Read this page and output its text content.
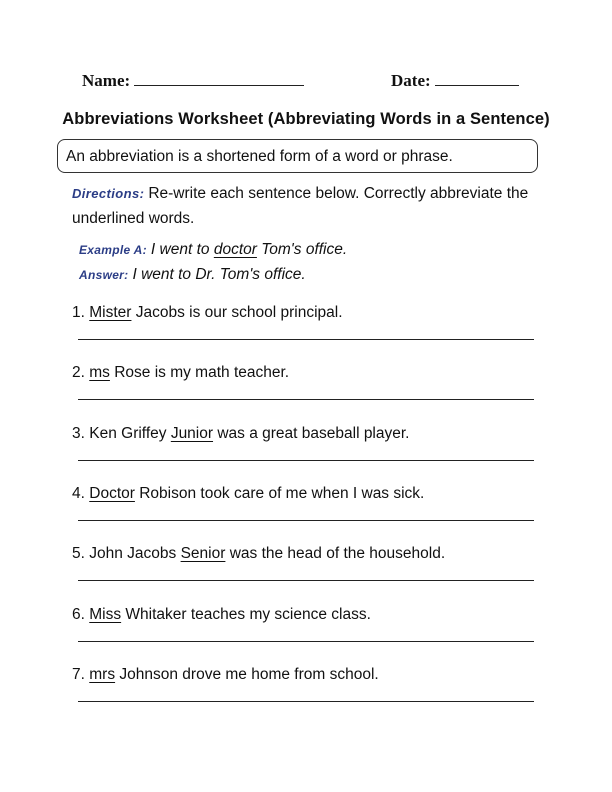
Name:	Date:
Abbreviations Worksheet (Abbreviating Words in a Sentence)
An abbreviation is a shortened form of a word or phrase.
Directions: Re-write each sentence below. Correctly abbreviate the underlined words.
Example A: I went to doctor Tom's office.
Answer: I went to Dr. Tom's office.
1. Mister Jacobs is our school principal.
2. ms Rose is my math teacher.
3. Ken Griffey Junior was a great baseball player.
4. Doctor Robison took care of me when I was sick.
5. John Jacobs Senior was the head of the household.
6. Miss Whitaker teaches my science class.
7. mrs Johnson drove me home from school.
